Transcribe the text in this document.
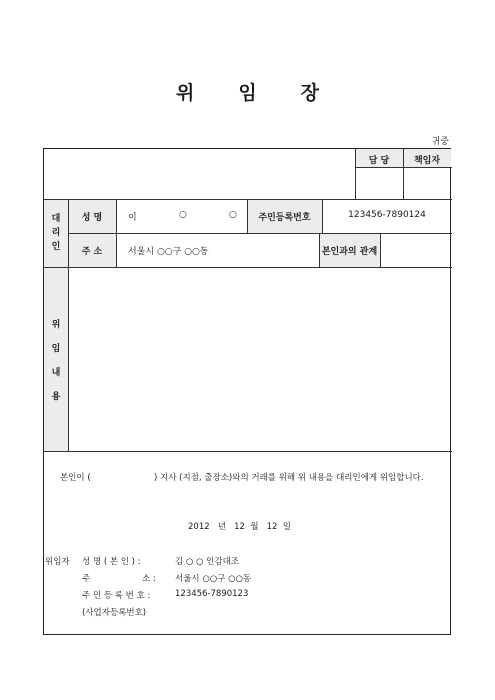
위 임 장
귀중
담 당	책임자
대
리
인
성 명	이	○	○	주민등록번호	123456-7890124
주 소	서울시 ○○구 ○○동	본인과의 관계
위
임
내
용
본인이 (	) 지사 (지점, 출장소)와의 거래를 위해 위 내용을 대리인에게 위임합니다.
2012 년 12 월 12 일
위임자 성 명 ( 본 인 ) :	김 ○ ○ 인감대조
주	소 : 서울시 ○○구 ○○동
주 민 등 록 번 호 :	123456-7890123
(사업자등록번호)
